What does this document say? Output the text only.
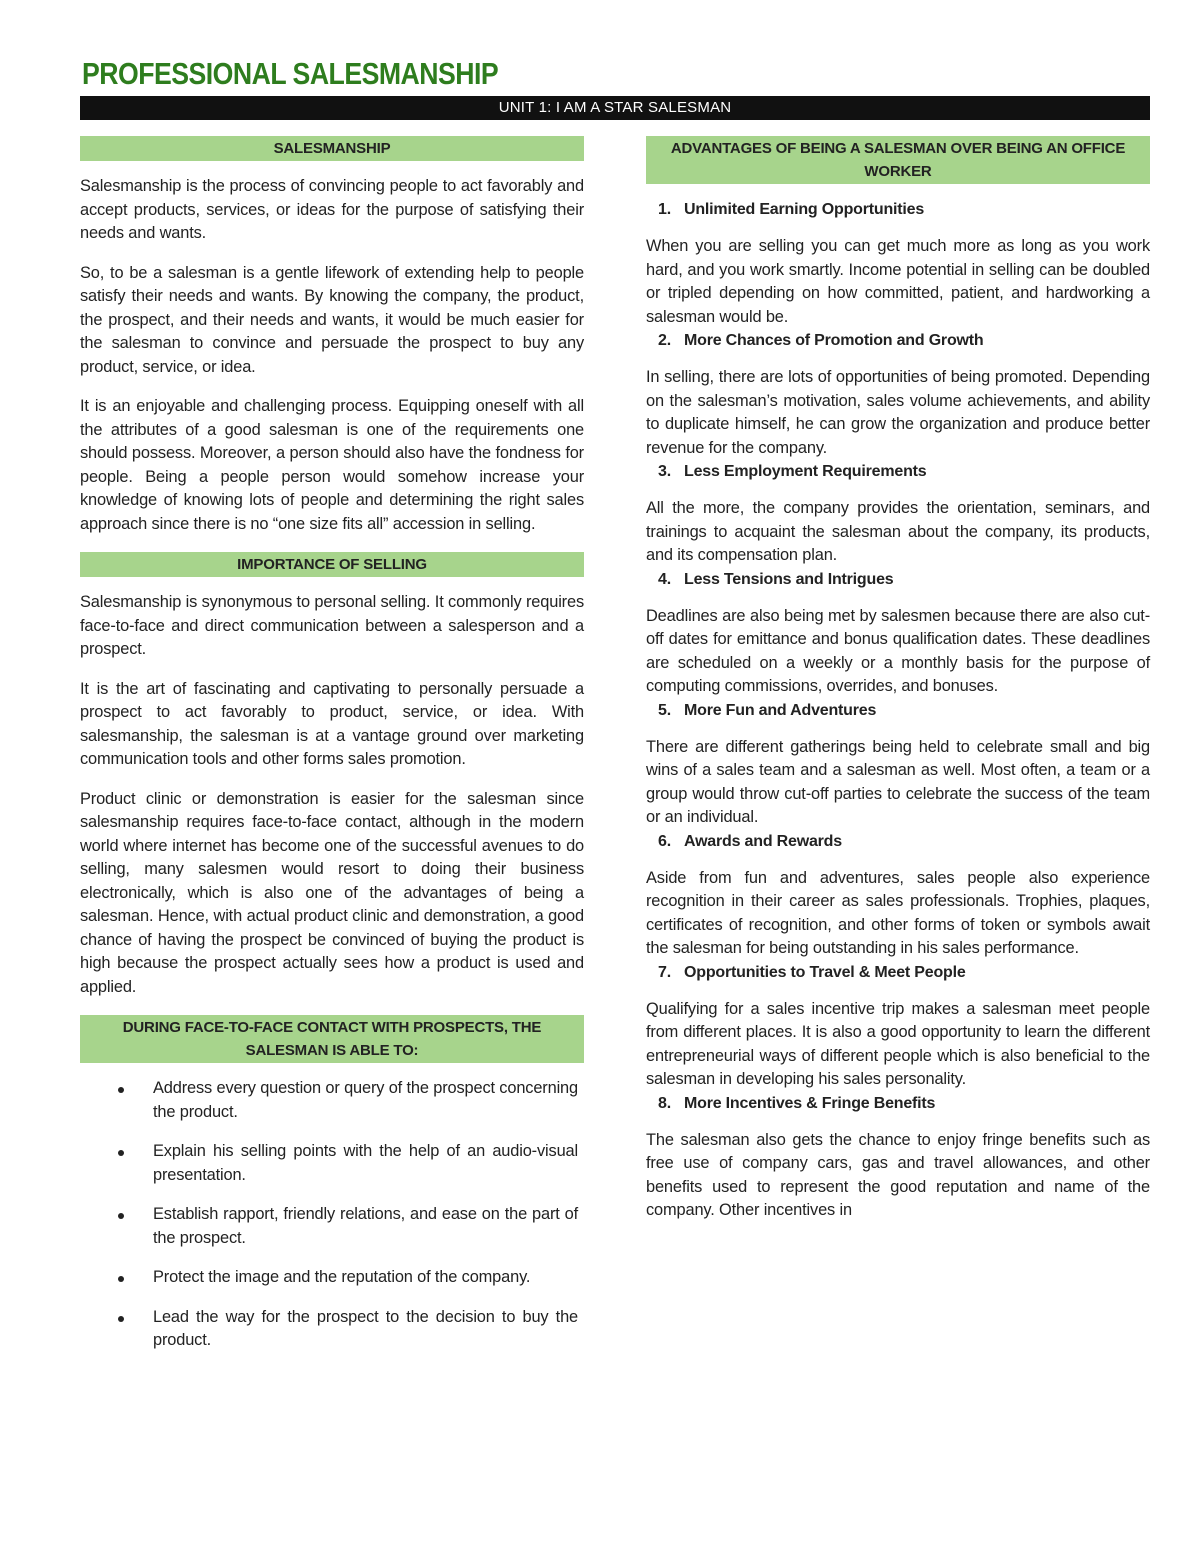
PROFESSIONAL SALESMANSHIP
UNIT 1: I AM A STAR SALESMAN
SALESMANSHIP

Salesmanship is the process of convincing people to act favorably and accept products, services, or ideas for the purpose of satisfying their needs and wants.

So, to be a salesman is a gentle lifework of extending help to people satisfy their needs and wants. By knowing the company, the product, the prospect, and their needs and wants, it would be much easier for the salesman to convince and persuade the prospect to buy any product, service, or idea.

It is an enjoyable and challenging process. Equipping oneself with all the attributes of a good salesman is one of the requirements one should possess. Moreover, a person should also have the fondness for people. Being a people person would somehow increase your knowledge of knowing lots of people and determining the right sales approach since there is no “one size fits all” accession in selling.

IMPORTANCE OF SELLING

Salesmanship is synonymous to personal selling. It commonly requires face-to-face and direct communication between a salesperson and a prospect.

It is the art of fascinating and captivating to personally persuade a prospect to act favorably to product, service, or idea. With salesmanship, the salesman is at a vantage ground over marketing communication tools and other forms sales promotion.

Product clinic or demonstration is easier for the salesman since salesmanship requires face-to-face contact, although in the modern world where internet has become one of the successful avenues to do selling, many salesmen would resort to doing their business electronically, which is also one of the advantages of being a salesman. Hence, with actual product clinic and demonstration, a good chance of having the prospect be convinced of buying the product is high because the prospect actually sees how a product is used and applied.

DURING FACE-TO-FACE CONTACT WITH PROSPECTS, THE SALESMAN IS ABLE TO:
Address every question or query of the prospect concerning the product.
Explain his selling points with the help of an audio-visual presentation.
Establish rapport, friendly relations, and ease on the part of the prospect.
Protect the image and the reputation of the company.
Lead the way for the prospect to the decision to buy the product.
ADVANTAGES OF BEING A SALESMAN OVER BEING AN OFFICE WORKER
1. Unlimited Earning Opportunities

When you are selling you can get much more as long as you work hard, and you work smartly. Income potential in selling can be doubled or tripled depending on how committed, patient, and hardworking a salesman would be.

2. More Chances of Promotion and Growth

In selling, there are lots of opportunities of being promoted. Depending on the salesman’s motivation, sales volume achievements, and ability to duplicate himself, he can grow the organization and produce better revenue for the company.

3. Less Employment Requirements

All the more, the company provides the orientation, seminars, and trainings to acquaint the salesman about the company, its products, and its compensation plan.

4. Less Tensions and Intrigues

Deadlines are also being met by salesmen because there are also cut-off dates for emittance and bonus qualification dates. These deadlines are scheduled on a weekly or a monthly basis for the purpose of computing commissions, overrides, and bonuses.

5. More Fun and Adventures

There are different gatherings being held to celebrate small and big wins of a sales team and a salesman as well. Most often, a team or a group would throw cut-off parties to celebrate the success of the team or an individual.

6. Awards and Rewards

Aside from fun and adventures, sales people also experience recognition in their career as sales professionals. Trophies, plaques, certificates of recognition, and other forms of token or symbols await the salesman for being outstanding in his sales performance.

7. Opportunities to Travel & Meet People

Qualifying for a sales incentive trip makes a salesman meet people from different places. It is also a good opportunity to learn the different entrepreneurial ways of different people which is also beneficial to the salesman in developing his sales personality.

8. More Incentives & Fringe Benefits

The salesman also gets the chance to enjoy fringe benefits such as free use of company cars, gas and travel allowances, and other benefits used to represent the good reputation and name of the company. Other incentives in
